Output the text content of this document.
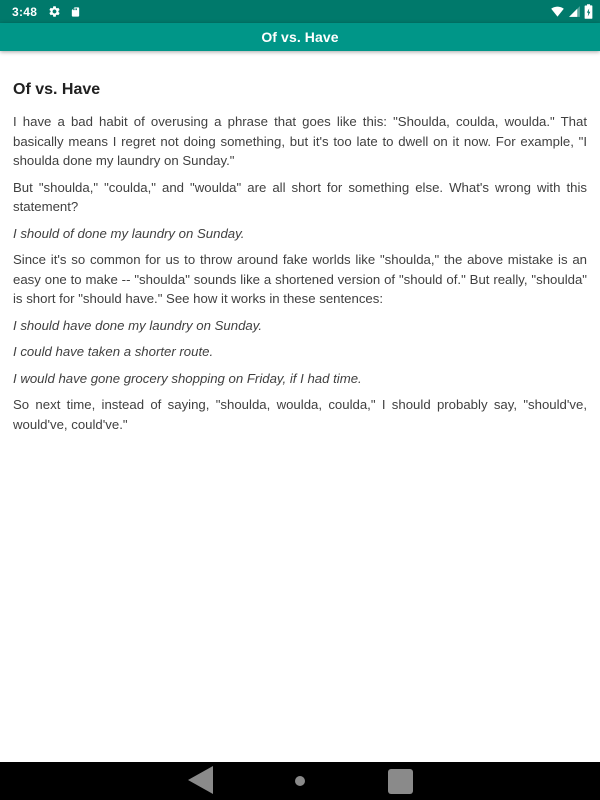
3:48
Of vs. Have
Of vs. Have

I have a bad habit of overusing a phrase that goes like this: "Shoulda, coulda, woulda." That basically means I regret not doing something, but it's too late to dwell on it now. For example, "I shoulda done my laundry on Sunday."

But "shoulda," "coulda," and "woulda" are all short for something else. What's wrong with this statement?

I should of done my laundry on Sunday.

Since it's so common for us to throw around fake worlds like "shoulda," the above mistake is an easy one to make -- "shoulda" sounds like a shortened version of "should of." But really, "shoulda" is short for "should have." See how it works in these sentences:

I should have done my laundry on Sunday.

I could have taken a shorter route.

I would have gone grocery shopping on Friday, if I had time.

So next time, instead of saying, "shoulda, woulda, coulda," I should probably say, "should've, would've, could've."
